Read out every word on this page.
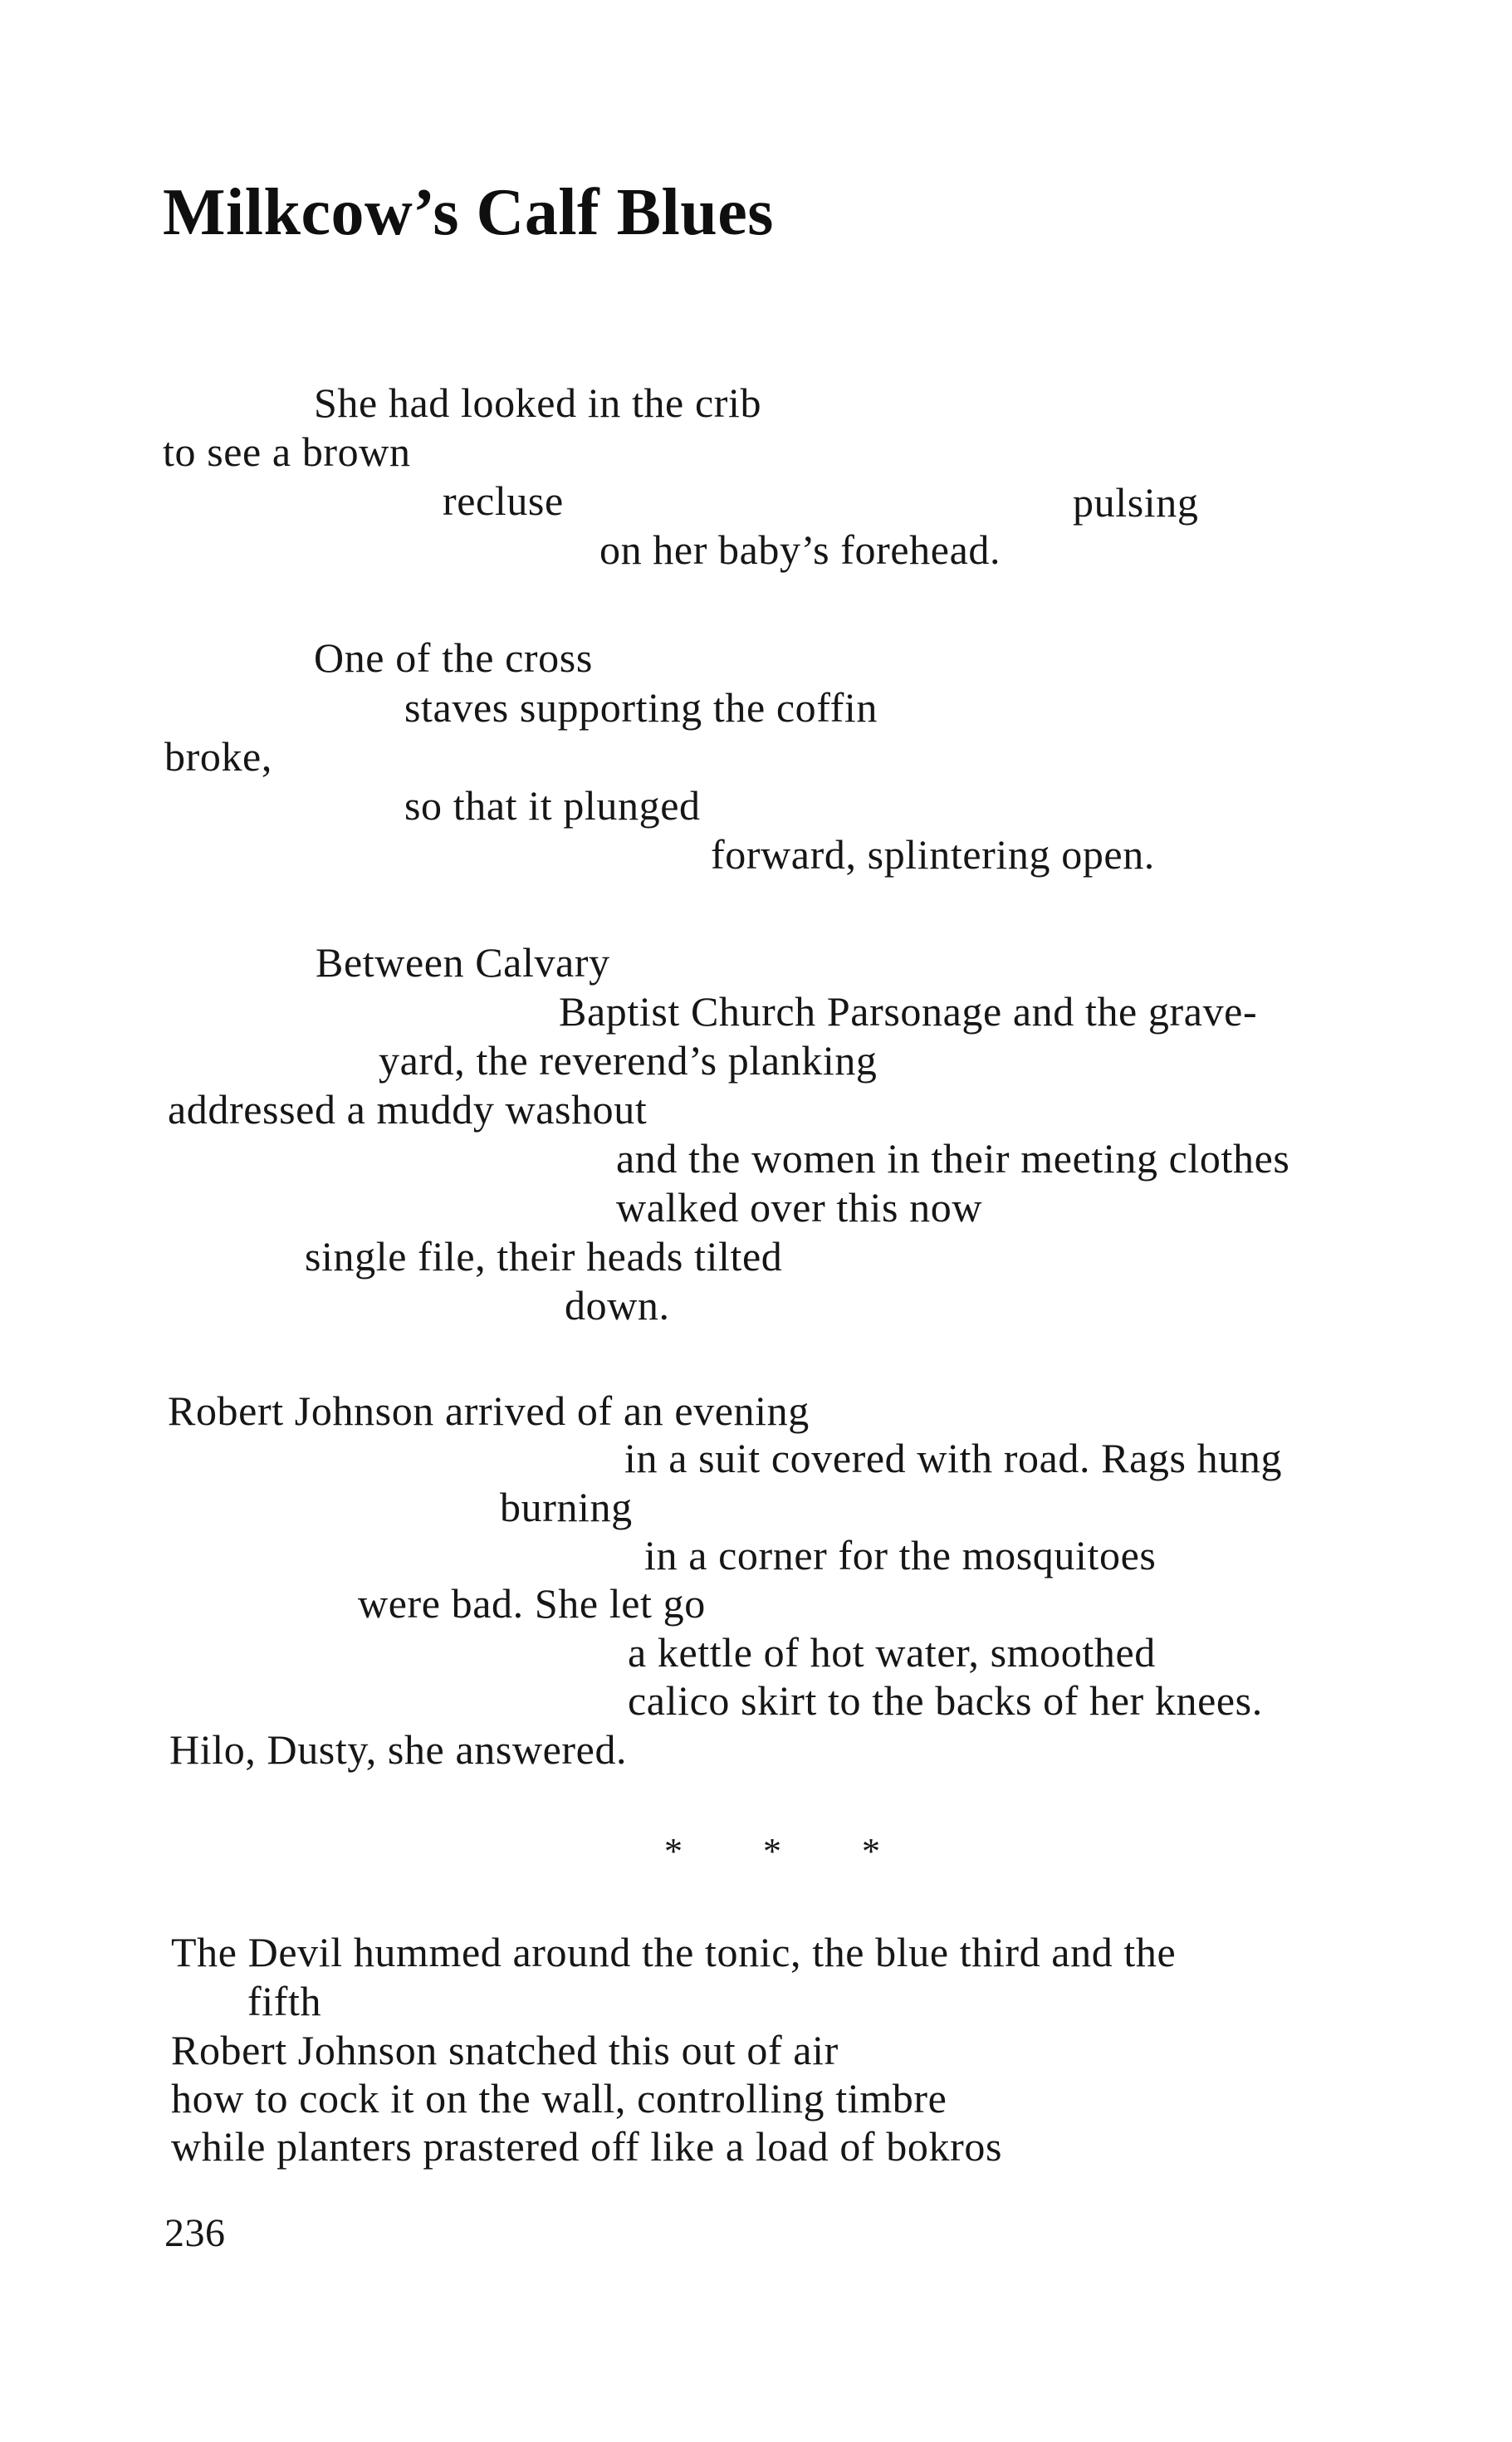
Milkcow’s Calf Blues
She had looked in the crib
to see a brown
recluse	pulsing
on her baby’s forehead.
One of the cross
staves supporting the coffin
broke,
so that it plunged
forward, splintering open.
Between Calvary
Baptist Church Parsonage and the grave-
yard, the reverend’s planking
addressed a muddy washout
and the women in their meeting clothes
walked over this now
single file, their heads tilted
down.
Robert Johnson arrived of an evening
in a suit covered with road. Rags hung
burning
in a corner for the mosquitoes
were bad. She let go
a kettle of hot water, smoothed
calico skirt to the backs of her knees.
Hilo, Dusty, she answered.
* * *
The Devil hummed around the tonic, the blue third and the
fifth
Robert Johnson snatched this out of air
how to cock it on the wall, controlling timbre
while planters prastered off like a load of bokros
236
